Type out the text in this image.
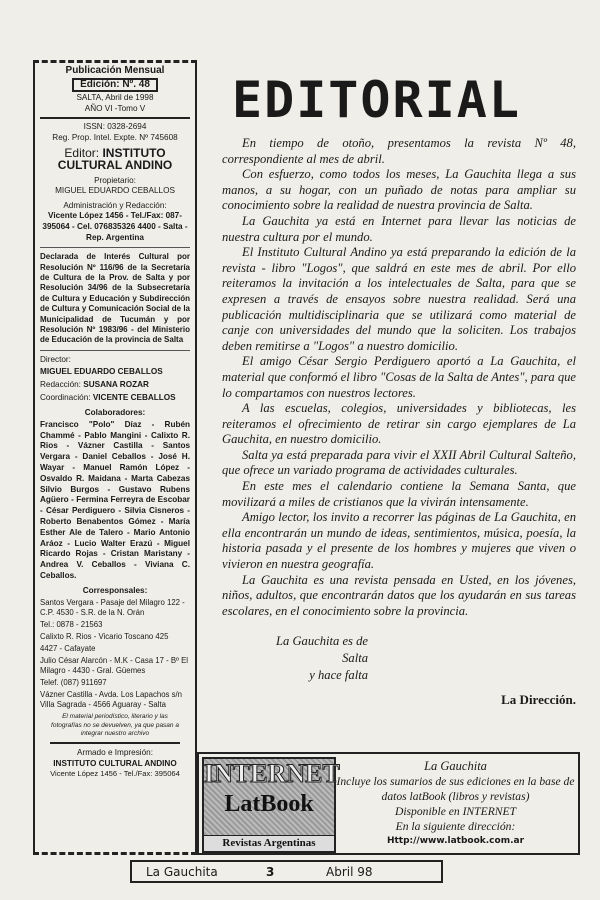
Publicación Mensual
Edición: Nº. 48
SALTA, Abril de 1998
AÑO VI -Tomo V
ISSN: 0328-2694
Reg. Prop. Intel. Expte. Nº 745608
Editor: INSTITUTO CULTURAL ANDINO
Propietario:
MIGUEL EDUARDO CEBALLOS
Administración y Redacción:
Vicente López 1456 - Tel./Fax: 087-395064 - Cel. 076835326 4400 - Salta - Rep. Argentina
Declarada de Interés Cultural por Resolución Nº 116/96 de la Secretaría de Cultura de la Prov. de Salta y por Resolución 34/96 de la Subsecretaría de Cultura y Educación y Subdirección de Cultura y Comunicación Social de la Municipalidad de Tucumán y por Resolución Nº 1983/96 - del Ministerio de Educación de la provincia de Salta
Director:
MIGUEL EDUARDO CEBALLOS
Redacción: SUSANA ROZAR
Coordinación: VICENTE CEBALLOS
Colaboradores:
Francisco "Polo" Díaz - Rubén Chammé - Pablo Mangini - Calixto R. Rios - Vázner Castilla - Santos Vergara - Daniel Ceballos - José H. Wayar - Manuel Ramón López - Osvaldo R. Maidana - Marta Cabezas Silvio Burgos - Gustavo Rubens Agüero - Fermina Ferreyra de Escobar - César Perdiguero - Silvia Cisneros - Roberto Benabentos Gómez - María Esther Ale de Talero - Mario Antonio Aráoz - Lucio Walter Erazú - Miguel Ricardo Rojas - Cristan Maristany - Andrea V. Ceballos - Viviana C. Ceballos.
Corresponsales:
Santos Vergara - Pasaje del Milagro 122 - C.P. 4530 - S.R. de la N. Orán
Tel.: 0878 - 21563
Calixto R. Rios - Vicario Toscano 425
4427 - Cafayate
Julio César Alarcón - M.K - Casa 17 - Bº El Milagro - 4430 - Gral. Güemes
Telef. (087) 911697
Vázner Castilla - Avda. Los Lapachos s/n Villa Sagrada - 4566 Aguaray - Salta
El material periodístico, literario y las fotografías no se devuelven, ya que pasan a integrar nuestro archivo
Armado e Impresión:
INSTITUTO CULTURAL ANDINO
Vicente López 1456 - Tel./Fax: 395064
EDITORIAL

En tiempo de otoño, presentamos la revista Nº 48, correspondiente al mes de abril.

Con esfuerzo, como todos los meses, La Gauchita llega a sus manos, a su hogar, con un puñado de notas para ampliar su conocimiento sobre la realidad de nuestra provincia de Salta.

La Gauchita ya está en Internet para llevar las noticias de nuestra cultura por el mundo.

El Instituto Cultural Andino ya está preparando la edición de la revista - libro "Logos", que saldrá en este mes de abril. Por ello reiteramos la invitación a los intelectuales de Salta, para que se expresen a través de ensayos sobre nuestra realidad. Será una publicación multidisciplinaria que se utilizará como material de canje con universidades del mundo que la soliciten. Los trabajos deben remitirse a "Logos" a nuestro domicilio.

El amigo César Sergio Perdiguero aportó a La Gauchita, el material que conformó el libro "Cosas de la Salta de Antes", para que lo compartamos con nuestros lectores.

A las escuelas, colegios, universidades y bibliotecas, les reiteramos el ofrecimiento de retirar sin cargo ejemplares de La Gauchita, en nuestro domicilio.

Salta ya está preparada para vivir el XXII Abril Cultural Salteño, que ofrece un variado programa de actividades culturales.

En este mes el calendario contiene la Semana Santa, que movilizará a miles de cristianos que la vivirán intensamente.

Amigo lector, los invito a recorrer las páginas de La Gauchita, en ella encontrarán un mundo de ideas, sentimientos, música, poesía, la historia pasada y el presente de los hombres y mujeres que viven o vivieron en nuestra geografía.

La Gauchita es una revista pensada en Usted, en los jóvenes, niños, adultos, que encontrarán datos que los ayudarán en sus tareas escolares, en el conocimiento sobre la provincia.

La Gauchita es de Salta
y hace falta
La Dirección.
INTERNET
LatBook
Revistas Argentinas
La Gauchita
Incluye los sumarios de sus ediciones en la base de datos latBook (libros y revistas)
Disponible en INTERNET
En la siguiente dirección:
Http://www.latbook.com.ar
La Gauchita	3	Abril 98
